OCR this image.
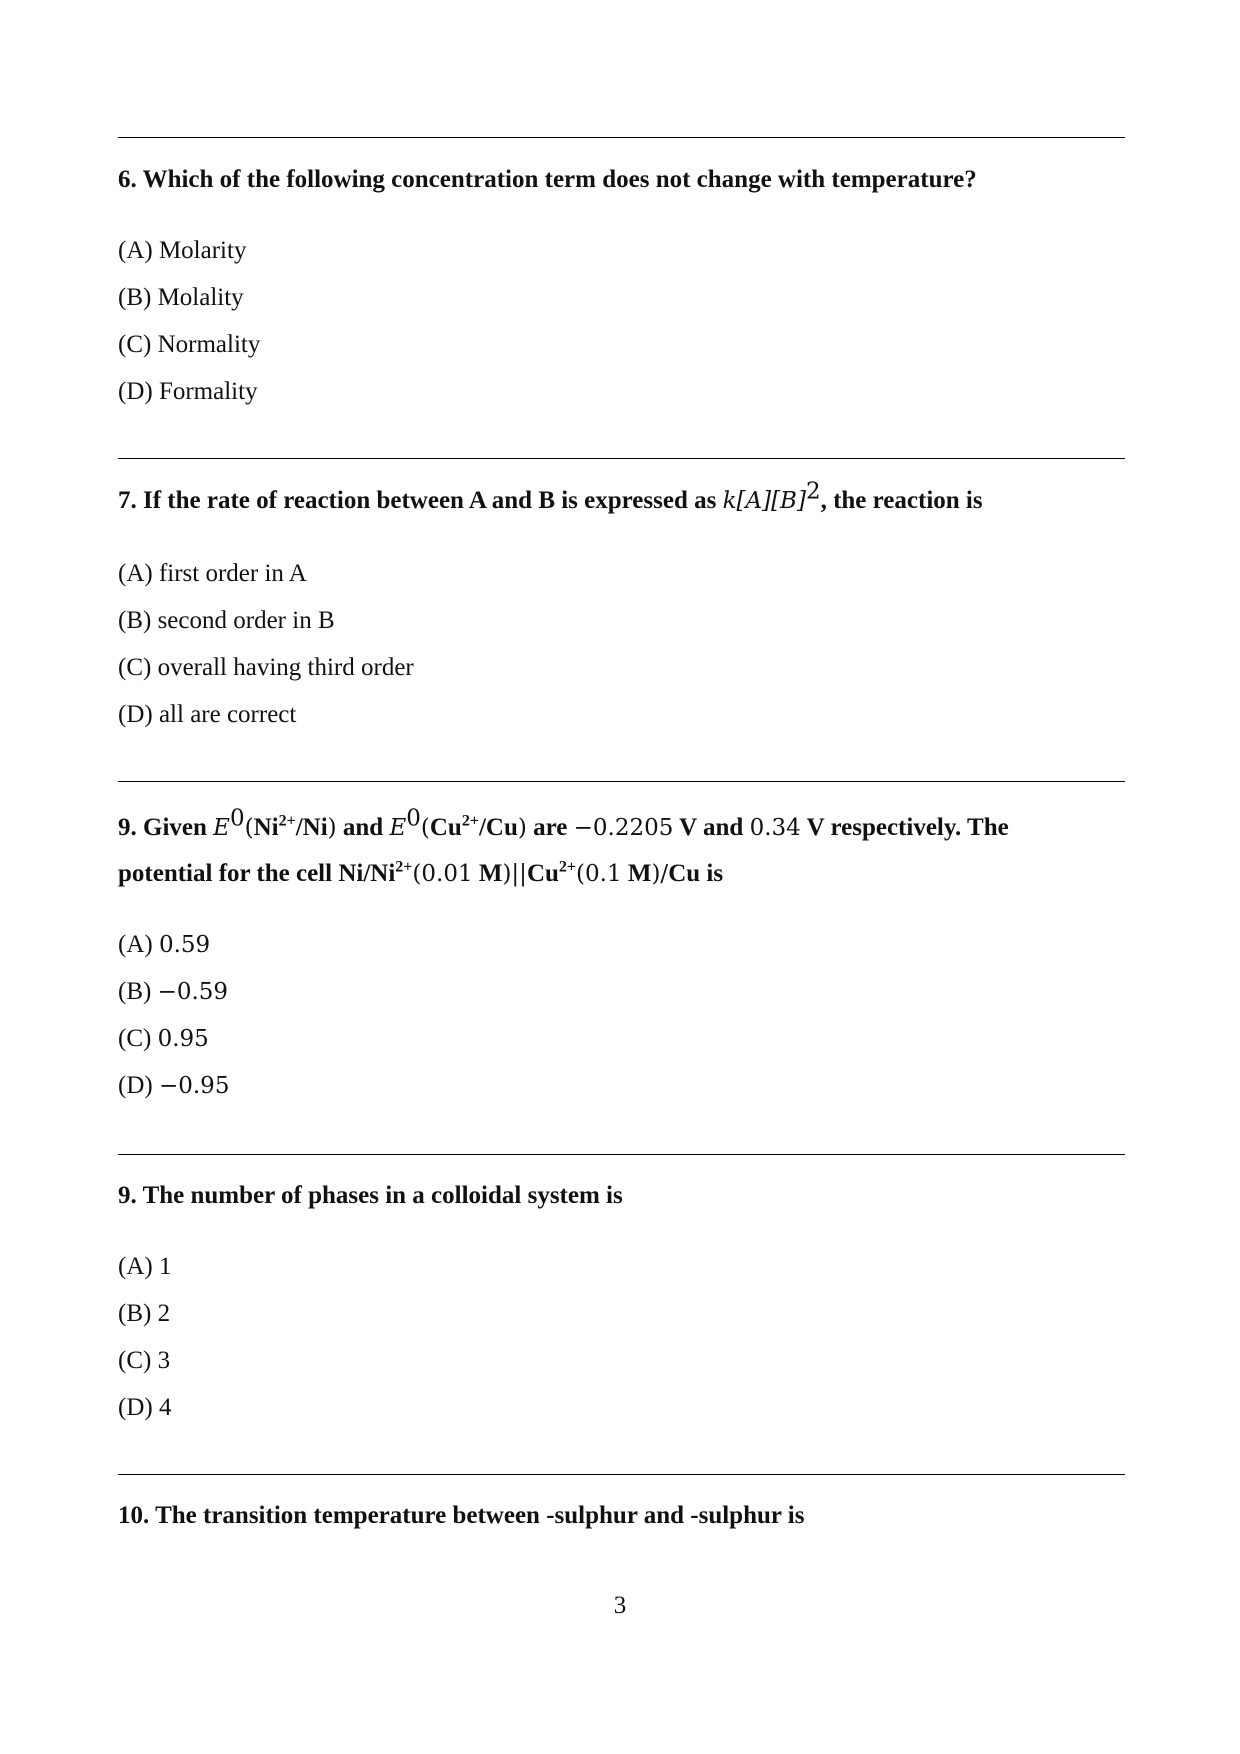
6. Which of the following concentration term does not change with temperature?
(A) Molarity
(B) Molality
(C) Normality
(D) Formality
7. If the rate of reaction between A and B is expressed as $k[A][B]^2$, the reaction is
(A) first order in A
(B) second order in B
(C) overall having third order
(D) all are correct
9. Given $E^0(Ni^{2+}/Ni)$ and $E^0(Cu^{2+}/Cu)$ are −0.2205 V and 0.34 V respectively. The
potential for the cell $Ni/Ni^{2+}(0.01$ $M)||Cu^{2+}(0.1$ M)/Cu is
(A) 0.59
(B) −0.59
(C) 0.95
(D) −0.95
9. The number of phases in a colloidal system is
(A) 1
(B) 2
(C) 3
(D) 4
10. The transition temperature between -sulphur and -sulphur is
3
